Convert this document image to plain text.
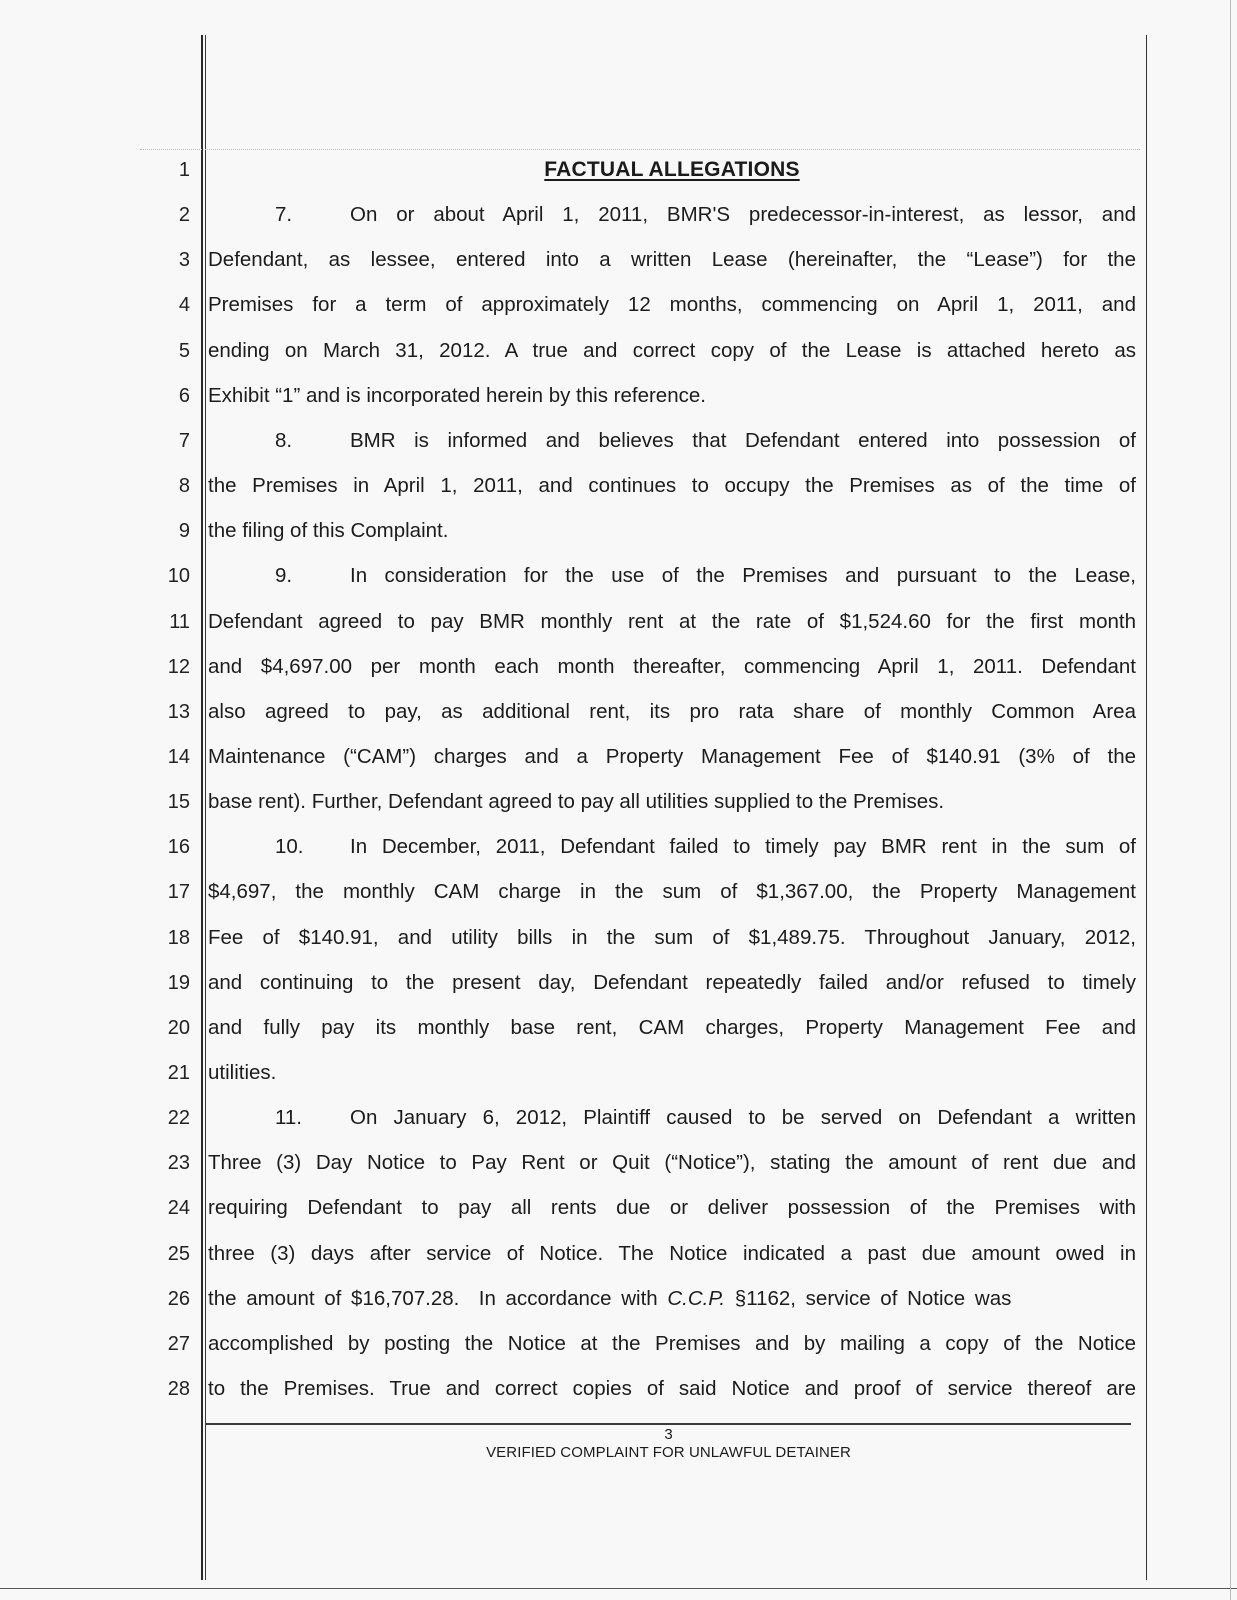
1
2
3
4
5
6
7
8
9
10
11
12
13
14
15
16
17
18
19
20
21
22
23
24
25
26
27
28
FACTUAL ALLEGATIONS
7.	On or about April 1, 2011, BMR'S predecessor-in-interest, as lessor, and
Defendant, as lessee, entered into a written Lease (hereinafter, the “Lease”) for the
Premises for a term of approximately 12 months, commencing on April 1, 2011, and
ending on March 31, 2012. A true and correct copy of the Lease is attached hereto as
Exhibit “1” and is incorporated herein by this reference.
8.	BMR is informed and believes that Defendant entered into possession of
the Premises in April 1, 2011, and continues to occupy the Premises as of the time of
the filing of this Complaint.
9.	In consideration for the use of the Premises and pursuant to the Lease,
Defendant agreed to pay BMR monthly rent at the rate of $1,524.60 for the first month
and $4,697.00 per month each month thereafter, commencing April 1, 2011. Defendant
also agreed to pay, as additional rent, its pro rata share of monthly Common Area
Maintenance (“CAM”) charges and a Property Management Fee of $140.91 (3% of the
base rent). Further, Defendant agreed to pay all utilities supplied to the Premises.
10.	In December, 2011, Defendant failed to timely pay BMR rent in the sum of
$4,697, the monthly CAM charge in the sum of $1,367.00, the Property Management
Fee of $140.91, and utility bills in the sum of $1,489.75. Throughout January, 2012,
and continuing to the present day, Defendant repeatedly failed and/or refused to timely
and fully pay its monthly base rent, CAM charges, Property Management Fee and
utilities.
11.	On January 6, 2012, Plaintiff caused to be served on Defendant a written
Three (3) Day Notice to Pay Rent or Quit (“Notice”), stating the amount of rent due and
requiring Defendant to pay all rents due or deliver possession of the Premises with
three (3) days after service of Notice. The Notice indicated a past due amount owed in
the amount of $16,707.28.  In accordance with C.C.P. §1162, service of Notice was
accomplished by posting the Notice at the Premises and by mailing a copy of the Notice
to the Premises. True and correct copies of said Notice and proof of service thereof are
3
VERIFIED COMPLAINT FOR UNLAWFUL DETAINER
